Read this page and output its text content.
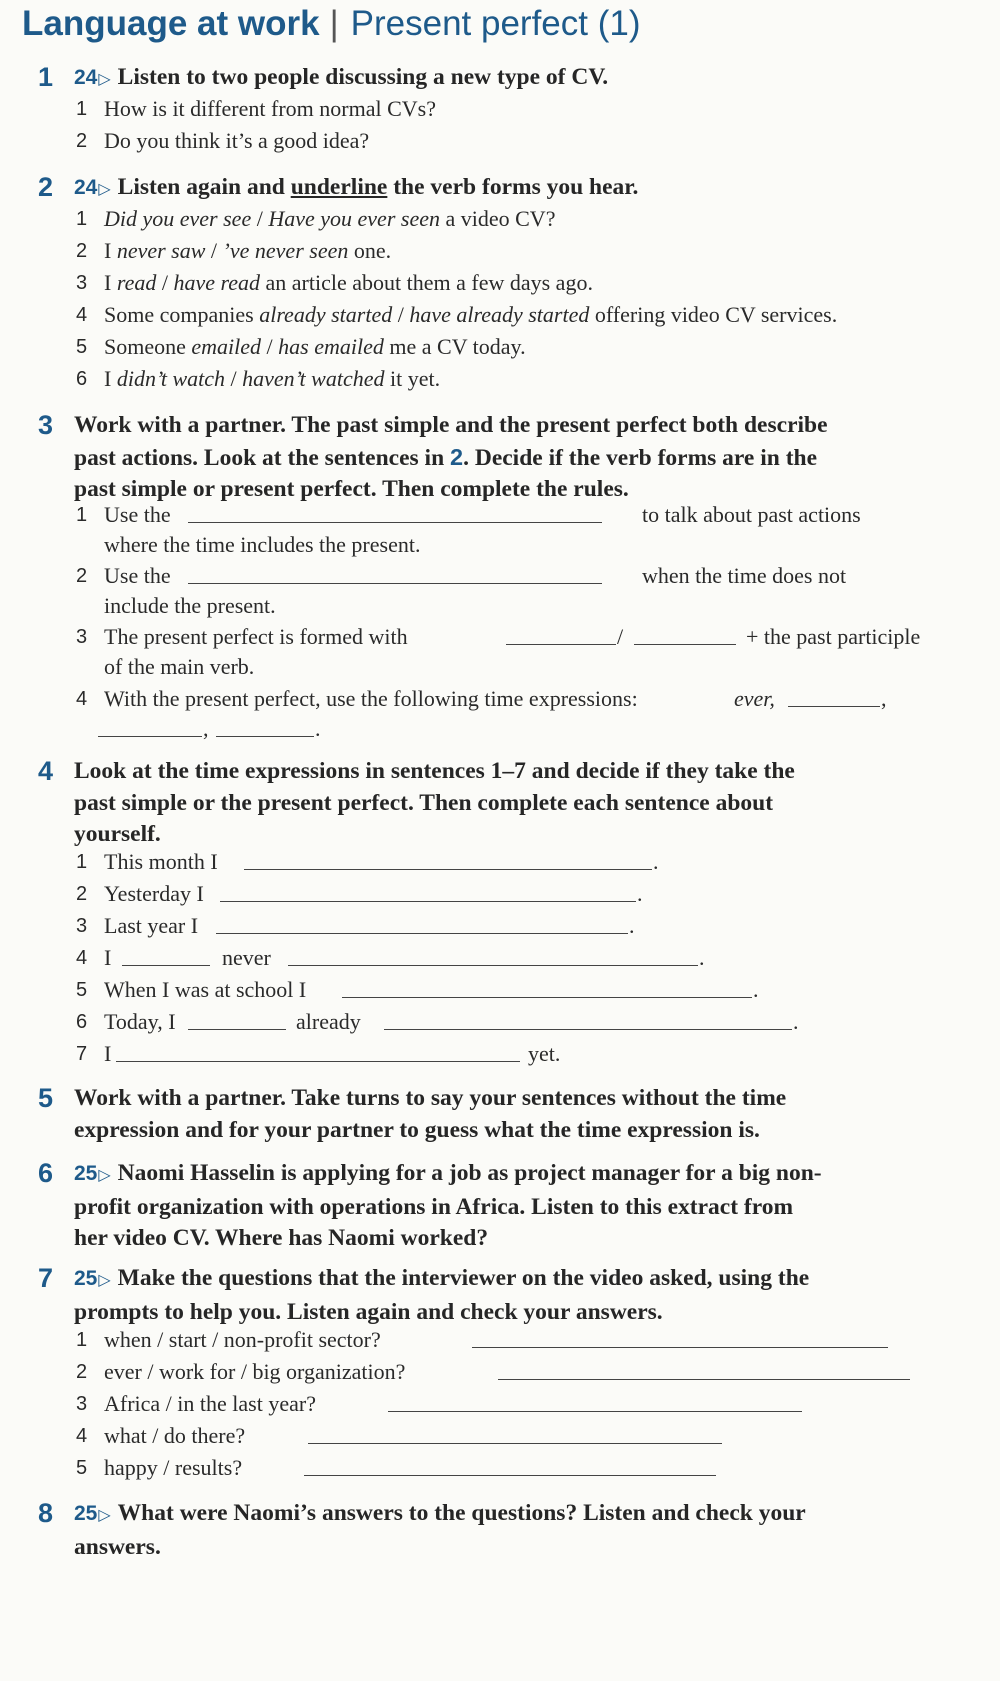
Language at work | Present perfect (1)
1 24▷ Listen to two people discussing a new type of CV.
1 How is it different from normal CVs?
2 Do you think it’s a good idea?
2 24▷ Listen again and underline the verb forms you hear.
1 Did you ever see / Have you ever seen a video CV?
2 I never saw / ’ve never seen one.
3 I read / have read an article about them a few days ago.
4 Some companies already started / have already started offering video CV services.
5 Someone emailed / has emailed me a CV today.
6 I didn’t watch / haven’t watched it yet.
3 Work with a partner. The past simple and the present perfect both describe
past actions. Look at the sentences in 2. Decide if the verb forms are in the
past simple or present perfect. Then complete the rules.
1 Use the	to talk about past actions
where the time includes the present.
2 Use the	when the time does not
include the present.
3 The present perfect is formed with	/	+ the past participle
of the main verb.
4 With the present perfect, use the following time expressions:	ever,	,
,	.
4 Look at the time expressions in sentences 1–7 and decide if they take the
past simple or the present perfect. Then complete each sentence about
yourself.
1 This month I	.
2 Yesterday I	.
3 Last year I	.
4 I	never	.
5 When I was at school I	.
6 Today, I	already	.
7 I	yet.
5 Work with a partner. Take turns to say your sentences without the time
expression and for your partner to guess what the time expression is.
6 25▷ Naomi Hasselin is applying for a job as project manager for a big non-
profit organization with operations in Africa. Listen to this extract from
her video CV. Where has Naomi worked?
7 25▷ Make the questions that the interviewer on the video asked, using the
prompts to help you. Listen again and check your answers.
1 when / start / non-profit sector?
2 ever / work for / big organization?
3 Africa / in the last year?
4 what / do there?
5 happy / results?
8 25▷ What were Naomi’s answers to the questions? Listen and check your
answers.
